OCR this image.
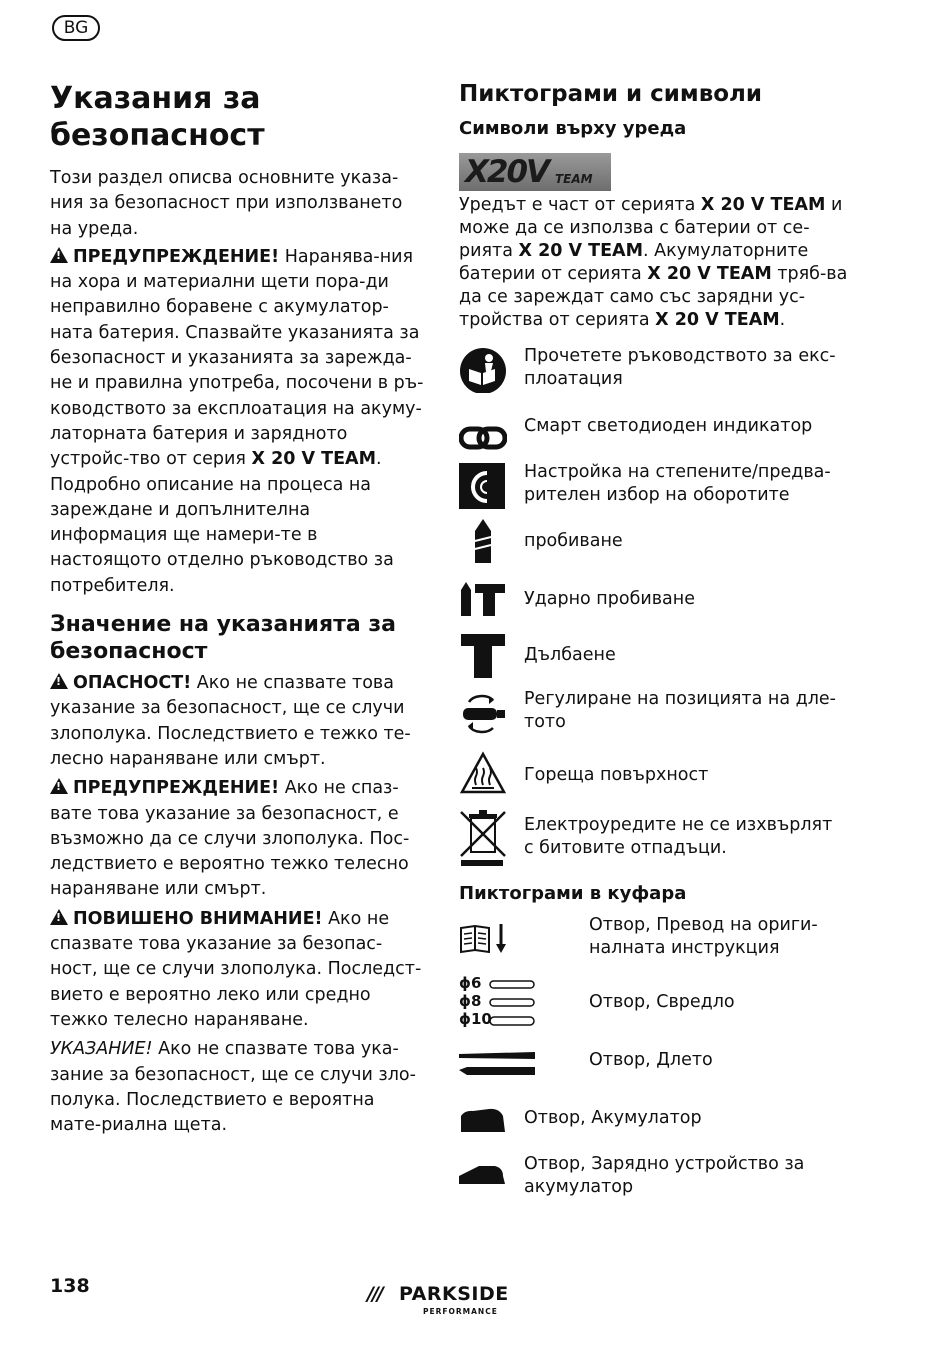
BG
Указания за
безопасност

Този раздел описва основните указа-ния за безопасност при използването на уреда.

!ПРЕДУПРЕЖДЕНИЕ! Наранява-ния на хора и материални щети пора-ди неправилно боравене с акумулатор-ната батерия. Спазвайте указанията за безопасност и указанията за зарежда-не и правилна употреба, посочени в ръ-ководството за експлоатация на акуму-латорната батерия и зарядното устройс-тво от серия X 20 V TEAM. Подробно описание на процеса на зареждане и допълнителна информация ще намери-те в настоящото отделно ръководство за потребителя.

Значение на указанията за безопасност

!ОПАСНОСТ! Ако не спазвате това указание за безопасност, ще се случи злополука. Последствието е тежко те-лесно нараняване или смърт.

!ПРЕДУПРЕЖДЕНИЕ! Ако не спаз-вате това указание за безопасност, е възможно да се случи злополука. Пос-ледствието е вероятно тежко телесно нараняване или смърт.

!ПОВИШЕНО ВНИМАНИЕ! Ако не спазвате това указание за безопас-ност, ще се случи злополука. Последст-вието е вероятно леко или средно тежко телесно нараняване.

УКАЗАНИЕ! Ако не спазвате това ука-зание за безопасност, ще се случи зло-полука. Последствието е вероятна мате-риална щета.

Пиктограми и символи
Символи върху уреда
X20V TEAM

Уредът е част от серията X 20 V TEAM и може да се използва с батерии от се-рията X 20 V TEAM. Акумулаторните батерии от серията X 20 V TEAM тряб-ва да се зареждат само със зарядни ус-тройства от серията X 20 V TEAM.

Прочетете ръководството за екс-плоатация
Смарт светодиоден индикатор
Настройка на степените/предва-рителен избор на оборотите
пробиване
Ударно пробиване
Дълбаене
Регулиране на позицията на дле-тото
Гореща повърхност
Електроуредите не се изхвърлят с битовите отпадъци.
Пиктограми в куфара
Отвор, Превод на ориги-налната инструкция
ϕ6
ϕ8
ϕ10
Отвор, Свредло
Отвор, Длето
Отвор, Акумулатор
Отвор, Зарядно устройство за акумулатор
138	/// PARKSIDE
PERFORMANCE
